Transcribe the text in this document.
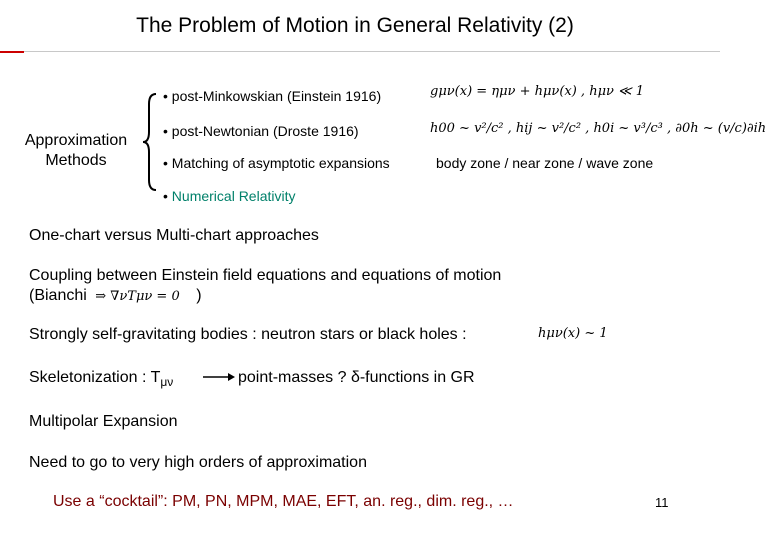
The Problem of Motion in General Relativity (2)
Approximation Methods
• post-Minkowskian (Einstein 1916)	gμν(x) = ημν + hμν(x) , hμν ≪ 1
• post-Newtonian (Droste 1916)	h00 ~ v²/c² , hij ~ v²/c² , h0i ~ v³/c³ , ∂0h ~ (v/c)∂ih
• Matching of asymptotic expansions	body zone / near zone / wave zone
• Numerical Relativity
One-chart versus Multi-chart approaches
Coupling between Einstein field equations and equations of motion
(Bianchi ⇒ ∇νTμν = 0 )
Strongly self-gravitating bodies : neutron stars or black holes :	hμν(x) ~ 1
Skeletonization : $T_{\mu\nu}$	point-masses ? δ-functions in GR
Multipolar Expansion
Need to go to very high orders of approximation
Use a “cocktail”: PM, PN, MPM, MAE, EFT, an. reg., dim. reg., …	11
